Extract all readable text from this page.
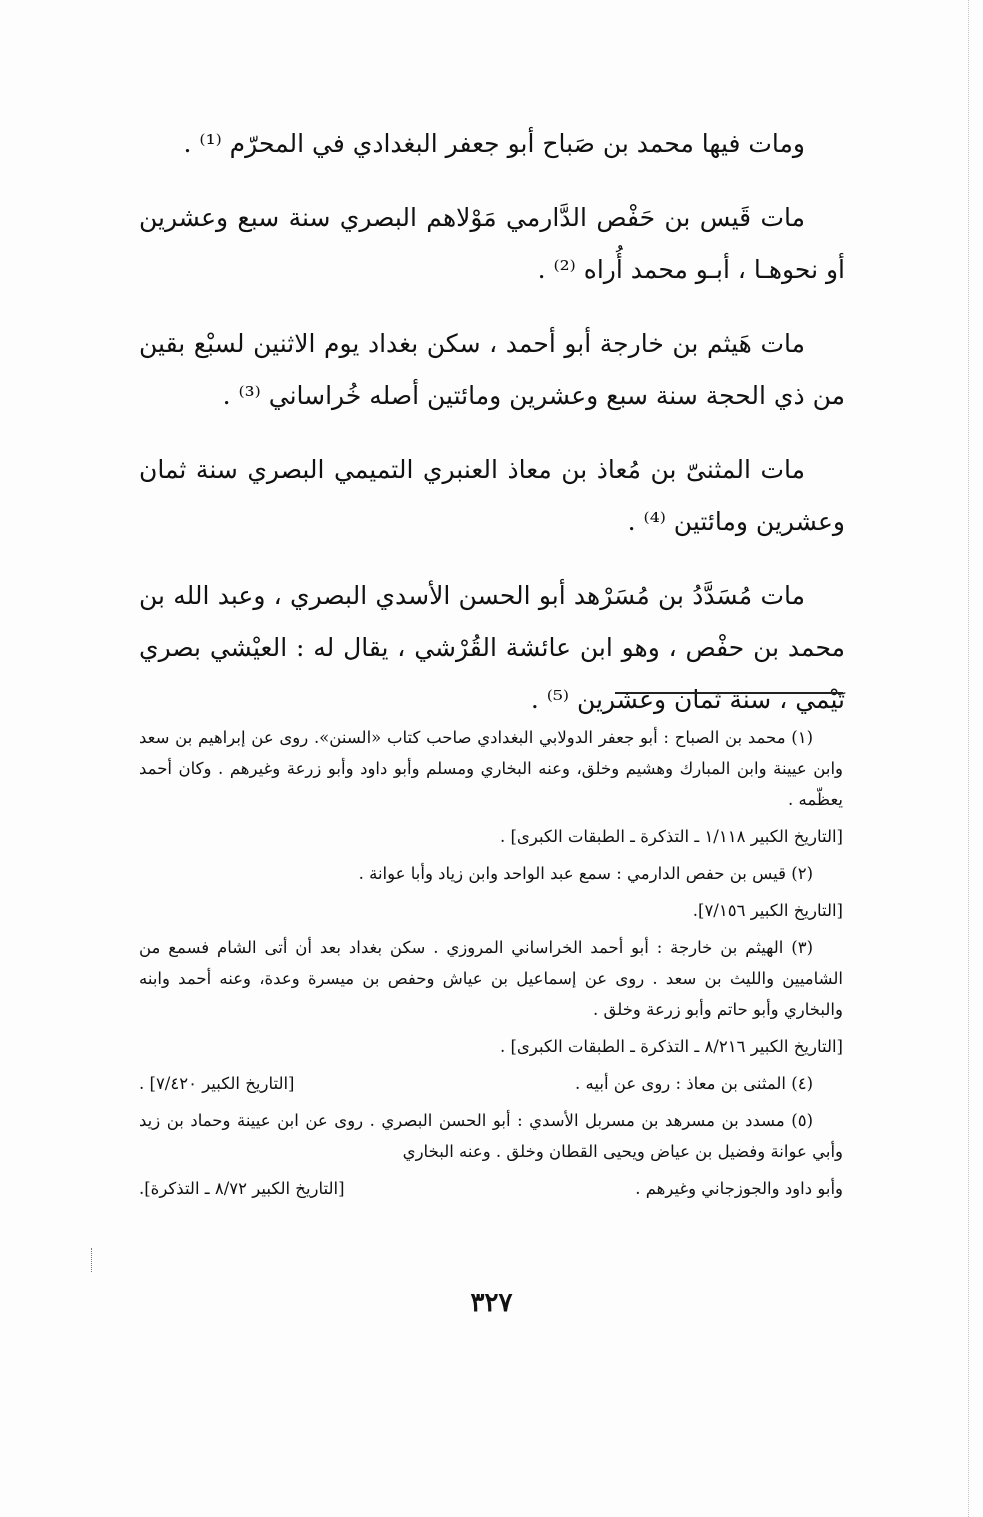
ومات فيها محمد بن صَباح أبو جعفر البغدادي في المحرّم ⁽¹⁾ .

مات قَيس بن حَفْص الدَّارمي مَوْلاهم البصري سنة سبع وعشرين أو نحوهـا ، أبـو محمد أُراه ⁽²⁾ .

مات هَيثم بن خارجة أبو أحمد ، سكن بغداد يوم الاثنين لسبْع بقين من ذي الحجة سنة سبع وعشرين ومائتين أصله خُراساني ⁽³⁾ .

مات المثنىّ بن مُعاذ بن معاذ العنبري التميمي البصري سنة ثمان وعشرين ومائتين ⁽⁴⁾ .

مات مُسَدَّدُ بن مُسَرْهد أبو الحسن الأسدي البصري ، وعبد الله بن محمد بن حفْص ، وهو ابن عائشة القُرْشي ، يقال له : العيْشي بصري تَيْمي ، سنة ثمان وعشرين ⁽⁵⁾ .

(١) محمد بن الصباح : أبو جعفر الدولابي البغدادي صاحب كتاب «السنن». روى عن إبراهيم بن سعد وابن عيينة وابن المبارك وهشيم وخلق، وعنه البخاري ومسلم وأبو داود وأبو زرعة وغيرهم . وكان أحمد يعظّمه .

[التاريخ الكبير ١/١١٨ ـ التذكرة ـ الطبقات الكبرى] .

(٢) قيس بن حفص الدارمي : سمع عبد الواحد وابن زياد وأبا عوانة .

[التاريخ الكبير ٧/١٥٦].

(٣) الهيثم بن خارجة : أبو أحمد الخراساني المروزي . سكن بغداد بعد أن أتى الشام فسمع من الشاميين والليث بن سعد . روى عن إسماعيل بن عياش وحفص بن ميسرة وعدة، وعنه أحمد وابنه والبخاري وأبو حاتم وأبو زرعة وخلق .

[التاريخ الكبير ٨/٢١٦ ـ التذكرة ـ الطبقات الكبرى] .

(٤) المثنى بن معاذ : روى عن أبيه .
[التاريخ الكبير ٧/٤٢٠] .

(٥) مسدد بن مسرهد بن مسربل الأسدي : أبو الحسن البصري . روى عن ابن عيينة وحماد بن زيد وأبي عوانة وفضيل بن عياض ويحيى القطان وخلق . وعنه البخاري

وأبو داود والجوزجاني وغيرهم .
[التاريخ الكبير ٨/٧٢ ـ التذكرة].
٣٢٧
